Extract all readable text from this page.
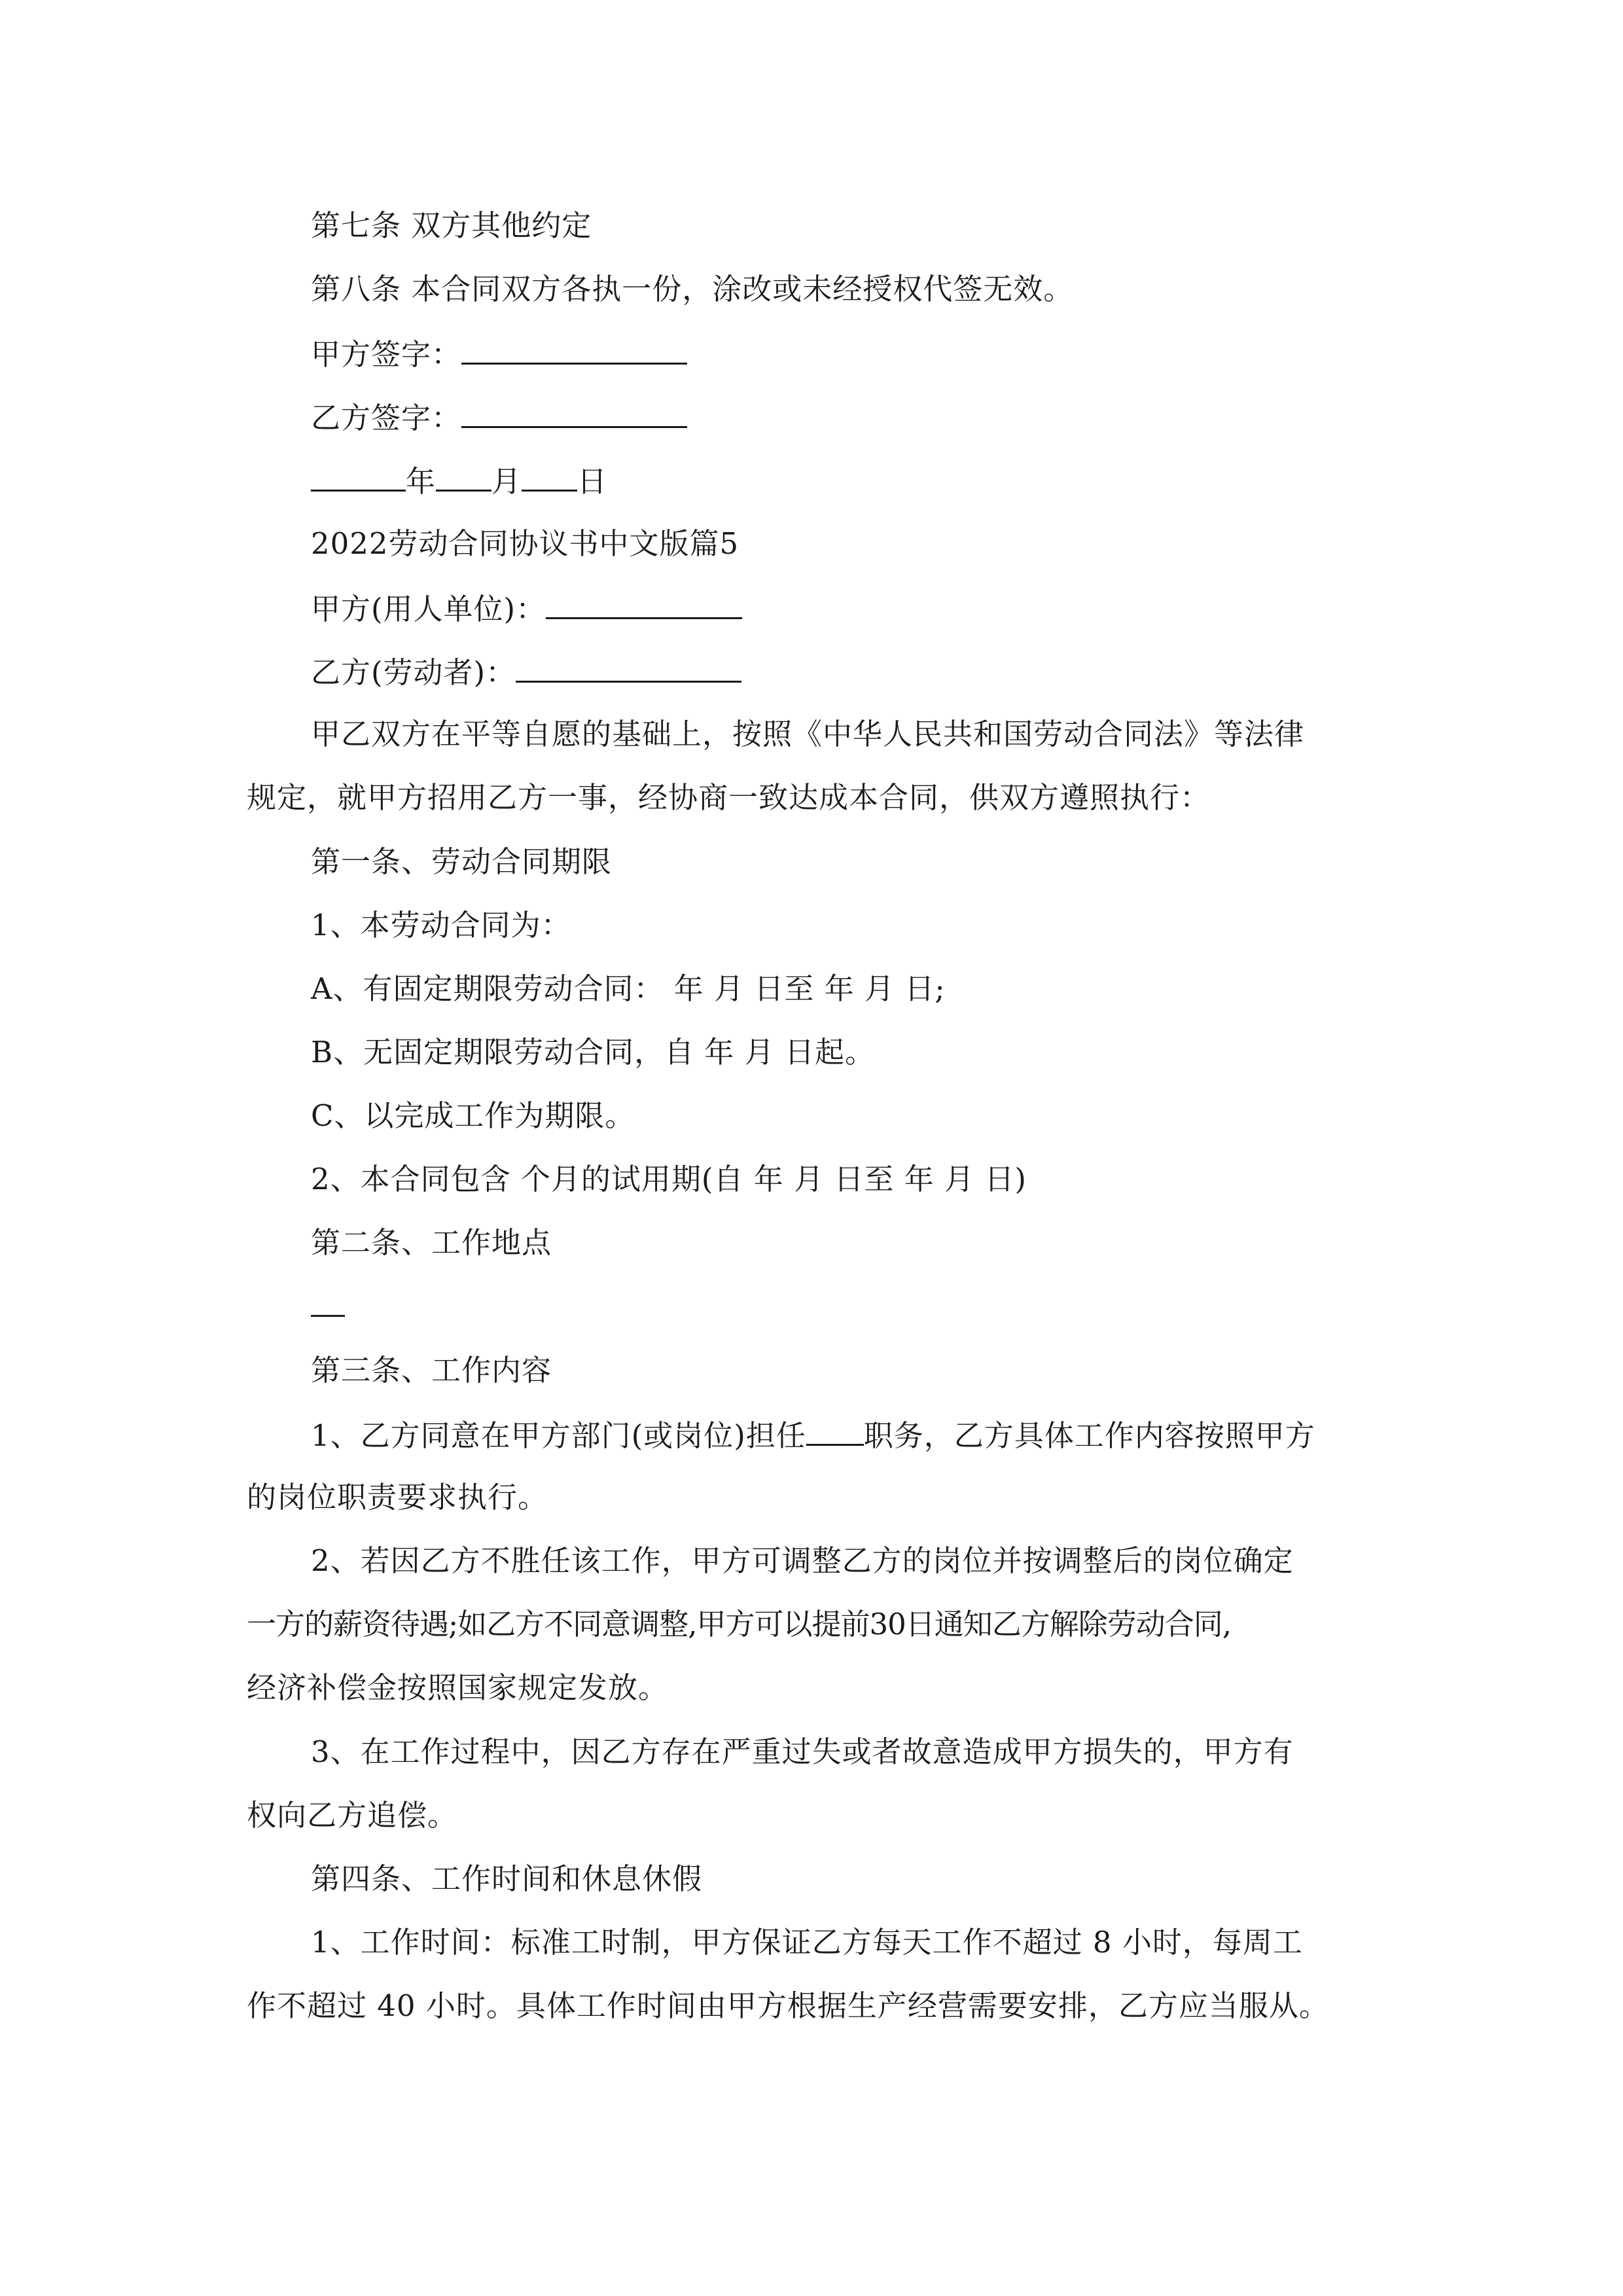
第七条 双方其他约定
第八条 本合同双方各执一份，涂改或未经授权代签无效。
甲方签字：
乙方签字：
年 月 日
2022劳动合同协议书中文版篇5
甲方(用人单位)：
乙方(劳动者)：
甲乙双方在平等自愿的基础上，按照《中华人民共和国劳动合同法》等法律
规定，就甲方招用乙方一事，经协商一致达成本合同，供双方遵照执行：
第一条、劳动合同期限
1、本劳动合同为：
A、有固定期限劳动合同： 年 月 日至 年 月 日;
B、无固定期限劳动合同，自 年 月 日起。
C、以完成工作为期限。
2、本合同包含 个月的试用期(自 年 月 日至 年 月 日)
第二条、工作地点
第三条、工作内容
1、乙方同意在甲方部门(或岗位)担任 职务，乙方具体工作内容按照甲方
的岗位职责要求执行。
2、若因乙方不胜任该工作，甲方可调整乙方的岗位并按调整后的岗位确定
一方的薪资待遇;如乙方不同意调整,甲方可以提前30日通知乙方解除劳动合同,
经济补偿金按照国家规定发放。
3、在工作过程中，因乙方存在严重过失或者故意造成甲方损失的，甲方有
权向乙方追偿。
第四条、工作时间和休息休假
1、工作时间：标准工时制，甲方保证乙方每天工作不超过 8 小时，每周工
作不超过 40 小时。具体工作时间由甲方根据生产经营需要安排，乙方应当服从。
